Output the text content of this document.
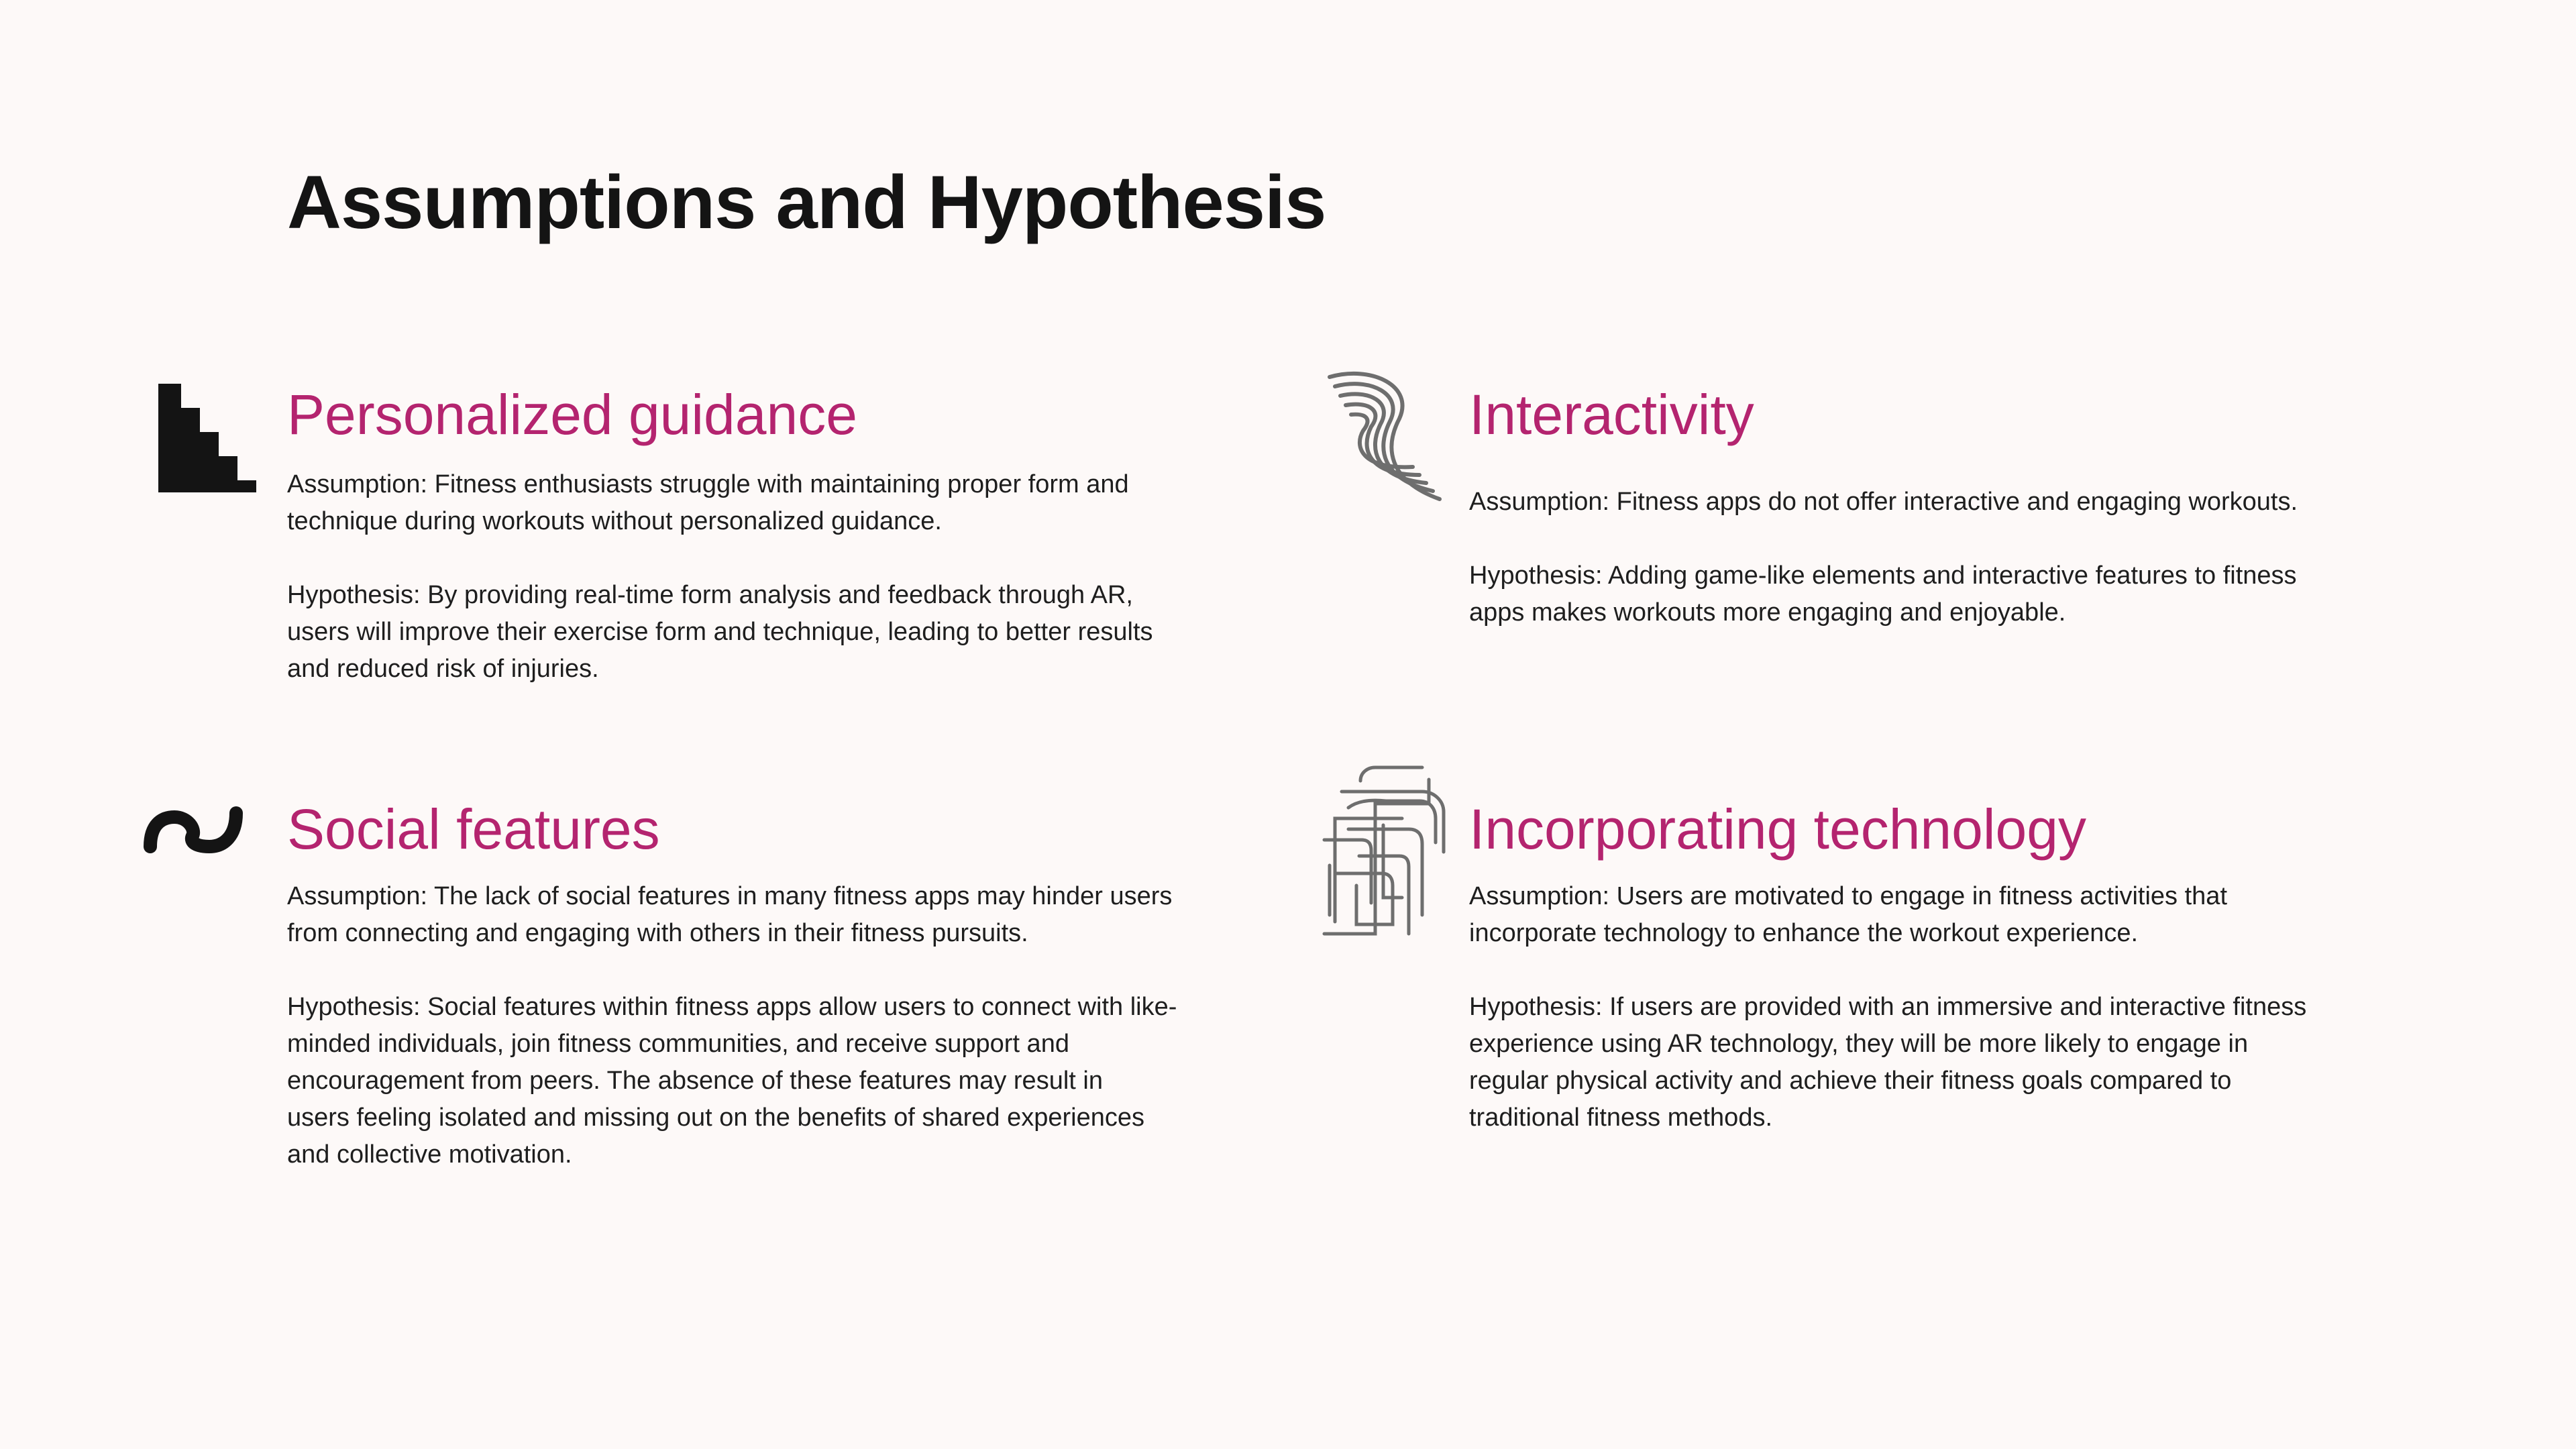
Assumptions and Hypothesis
Personalized guidance

Assumption: Fitness enthusiasts struggle with maintaining proper form and
technique during workouts without personalized guidance.

Hypothesis: By providing real-time form analysis and feedback through AR,
users will improve their exercise form and technique, leading to better results
and reduced risk of injuries.

Interactivity

Assumption: Fitness apps do not offer interactive and engaging workouts.

Hypothesis: Adding game-like elements and interactive features to fitness
apps makes workouts more engaging and enjoyable.

Social features

Assumption: The lack of social features in many fitness apps may hinder users
from connecting and engaging with others in their fitness pursuits.

Hypothesis: Social features within fitness apps allow users to connect with like-
minded individuals, join fitness communities, and receive support and
encouragement from peers. The absence of these features may result in
users feeling isolated and missing out on the benefits of shared experiences
and collective motivation.

Incorporating technology

Assumption: Users are motivated to engage in fitness activities that
incorporate technology to enhance the workout experience.

Hypothesis: If users are provided with an immersive and interactive fitness
experience using AR technology, they will be more likely to engage in
regular physical activity and achieve their fitness goals compared to
traditional fitness methods.
